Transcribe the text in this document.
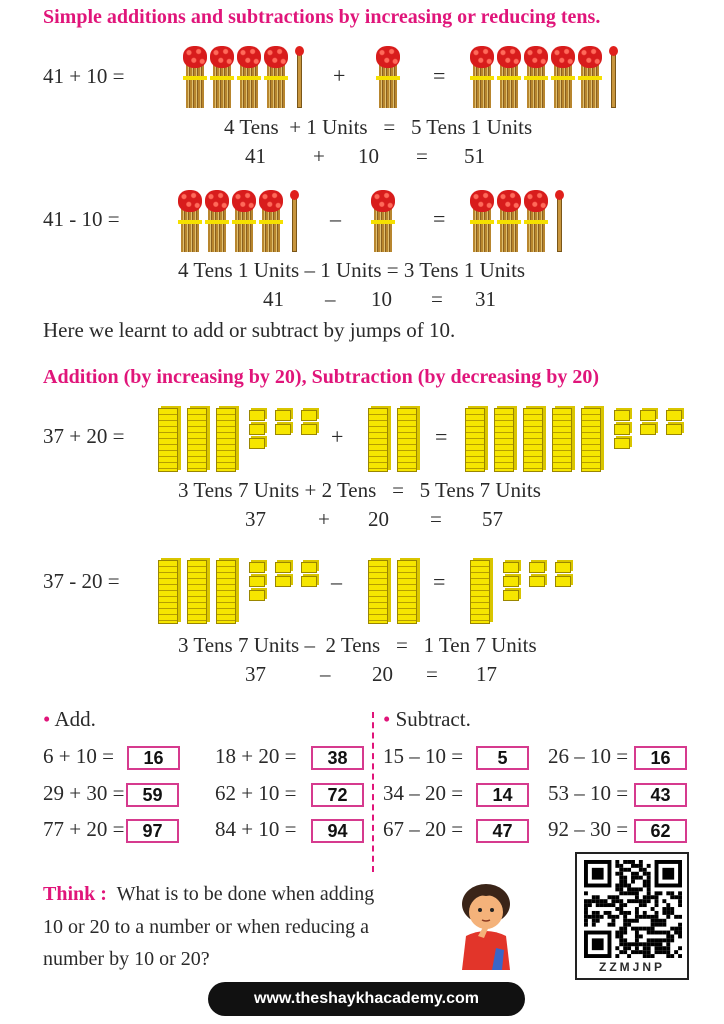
Simple additions and subtractions by increasing or reducing tens.
41 + 10 =	+	=
4 Tens + 1 Units = 5 Tens 1 Units
41 + 10 = 51
41 - 10 =	–	=
4 Tens 1 Units – 1 Units = 3 Tens 1 Units
41 – 10 = 31
Here we learnt to add or subtract by jumps of 10.
Addition (by increasing by 20), Subtraction (by decreasing by 20)
37 + 20 =	+	=
3 Tens 7 Units + 2 Tens = 5 Tens 7 Units
37 + 20 = 57
37 - 20 =	–	=
3 Tens 7 Units – 2 Tens = 1 Ten 7 Units
37	– 20 = 17
• Add.	• Subtract.
6 + 10 =	16	18 + 20 =	38
29 + 30 =	59	62 + 10 =	72
77 + 20 =	97	84 + 10 =	94
15 – 10 =	5	26 – 10 =	16
34 – 20 =	14	53 – 10 =	43
67 – 20 =	47	92 – 30 =	62
Think : What is to be done when adding
10 or 20 to a number or when reducing a
number by 10 or 20?	ZZMJNP
www.theshaykhacademy.com
